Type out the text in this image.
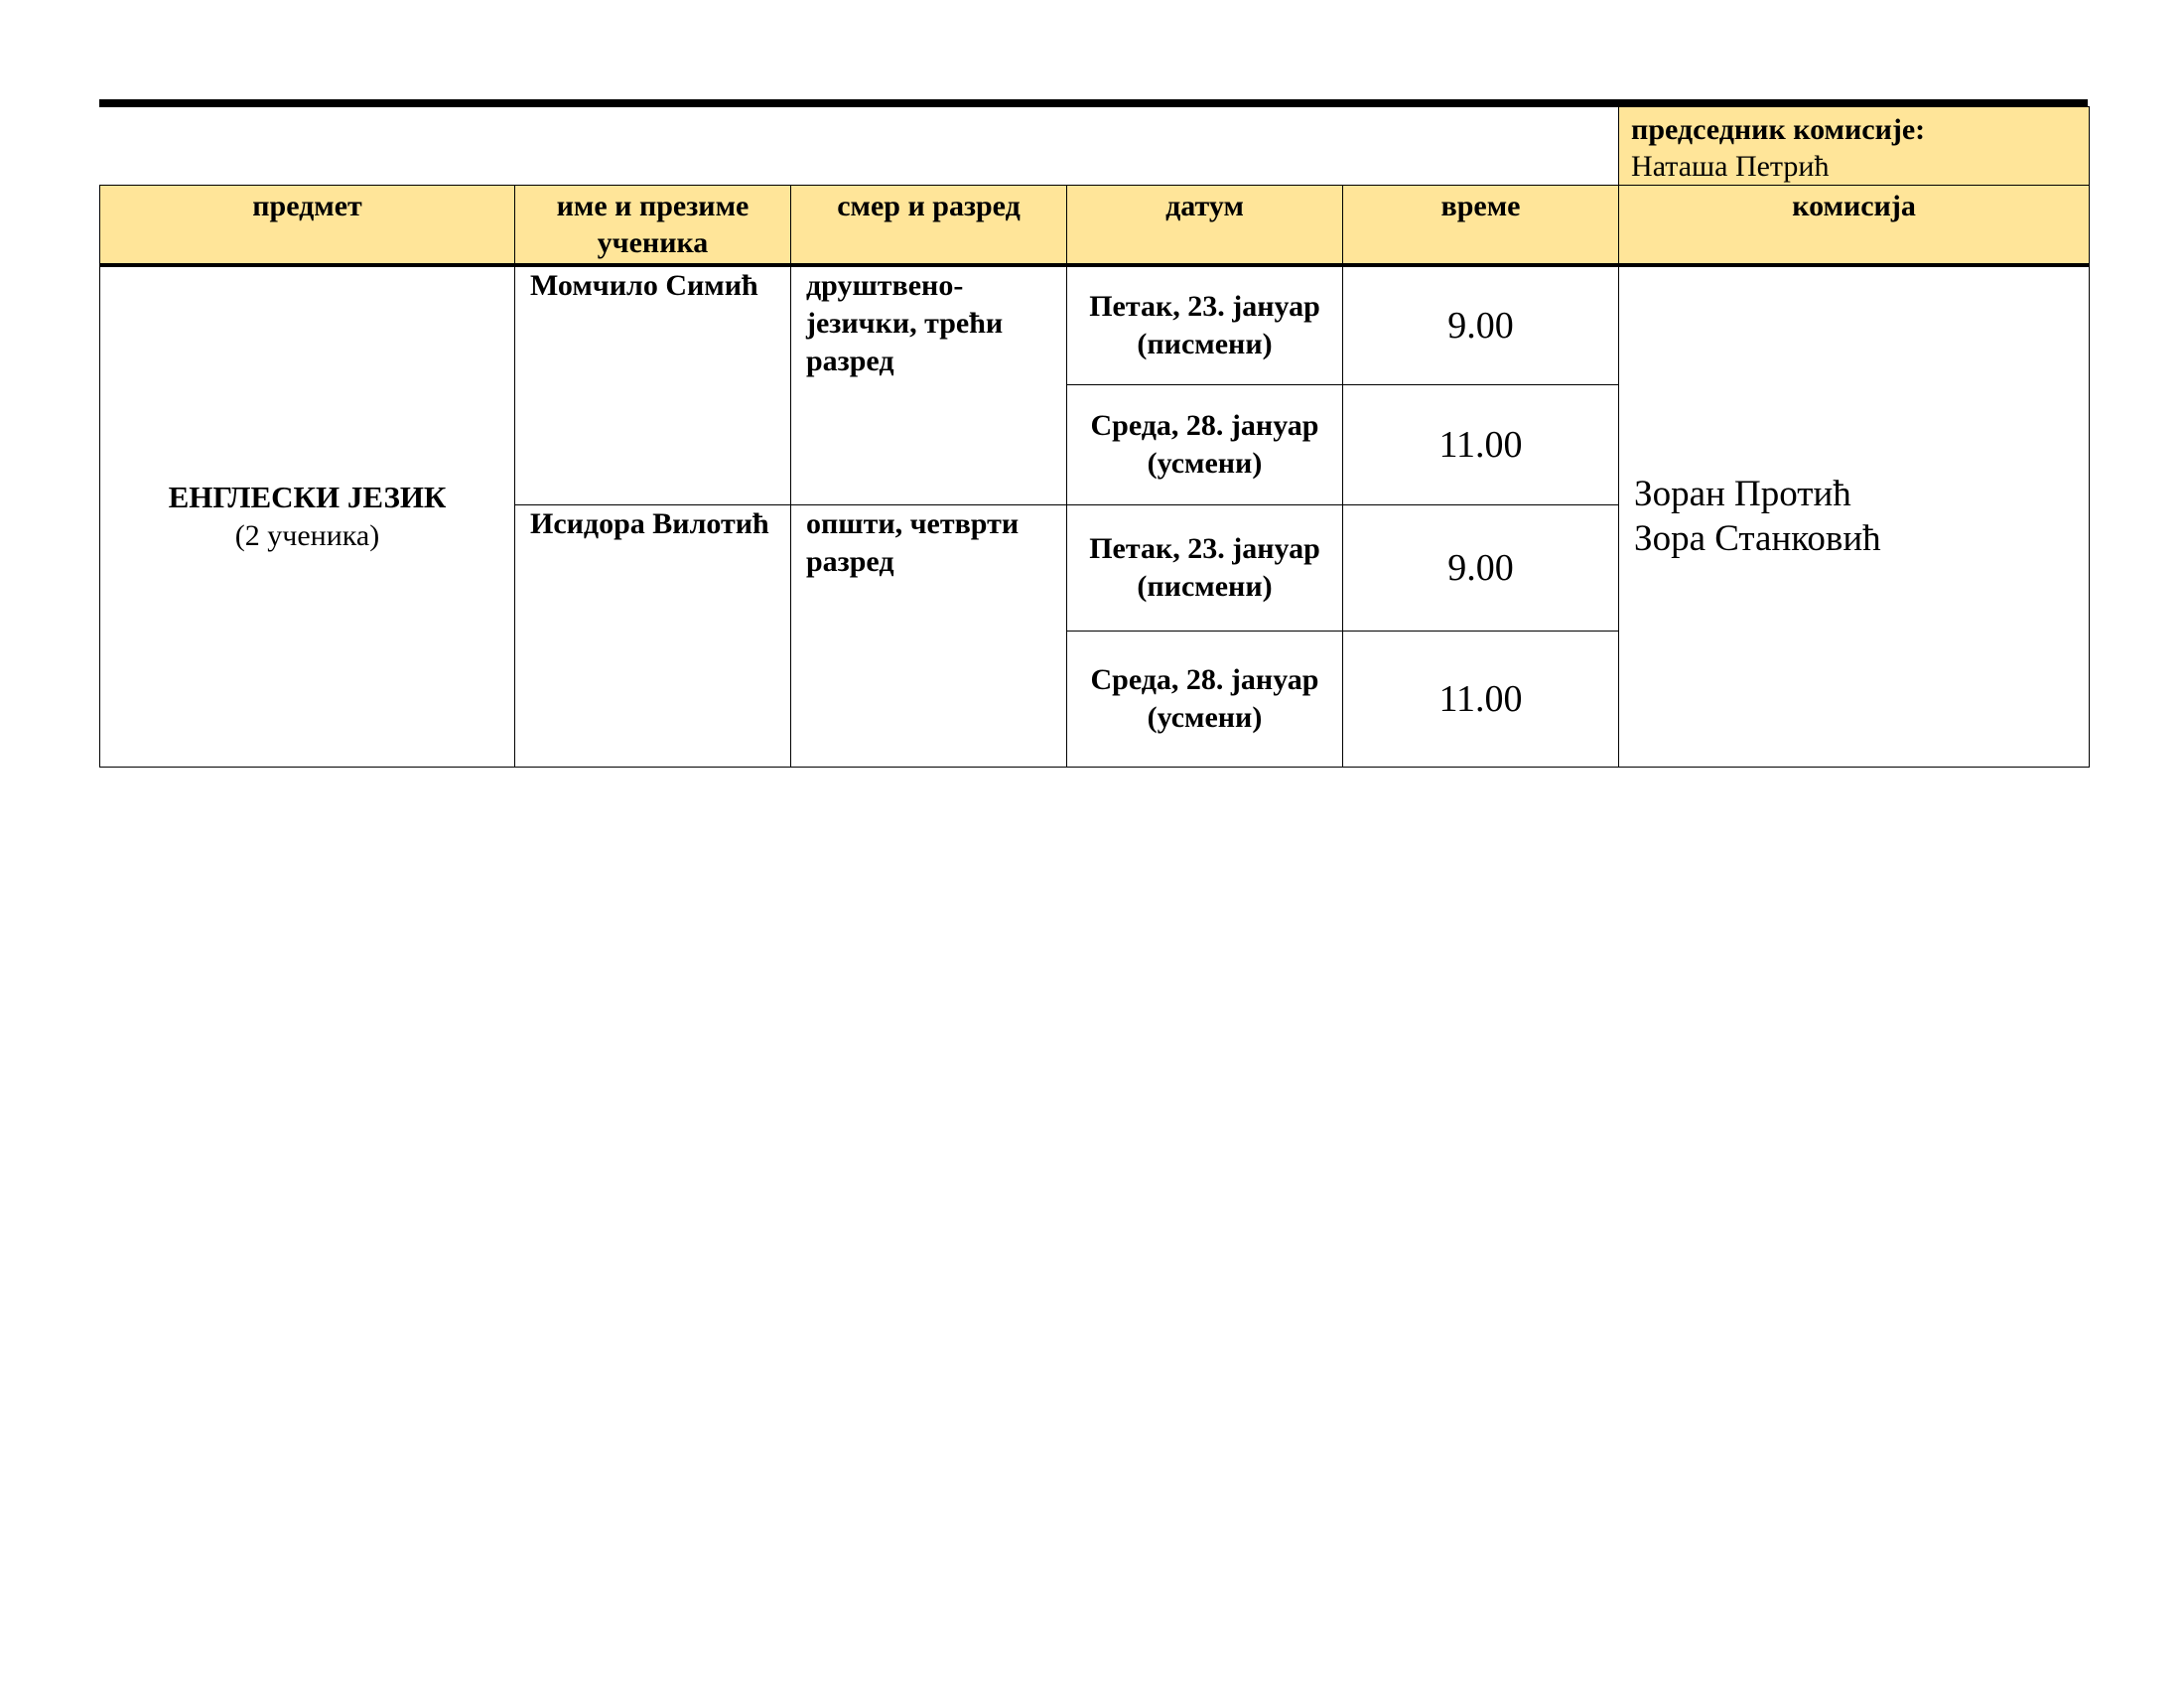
					председник комисије:
Наташа Петрић

предмет	име и презиме ученика	смер и разред	датум	време	комисија

ЕНГЛЕСКИ ЈЕЗИК
(2 ученика)	Момчило Симић	друштвено-језички, трећи разред	Петак, 23. јануар (писмени)	9.00	Зоран Протић
Зора Станковић

			Среда, 28. јануар (усмени)	11.00	

	Исидора Вилотић	општи, четврти разред	Петак, 23. јануар (писмени)	9.00	
			Среда, 28. јануар (усмени)	11.00	
